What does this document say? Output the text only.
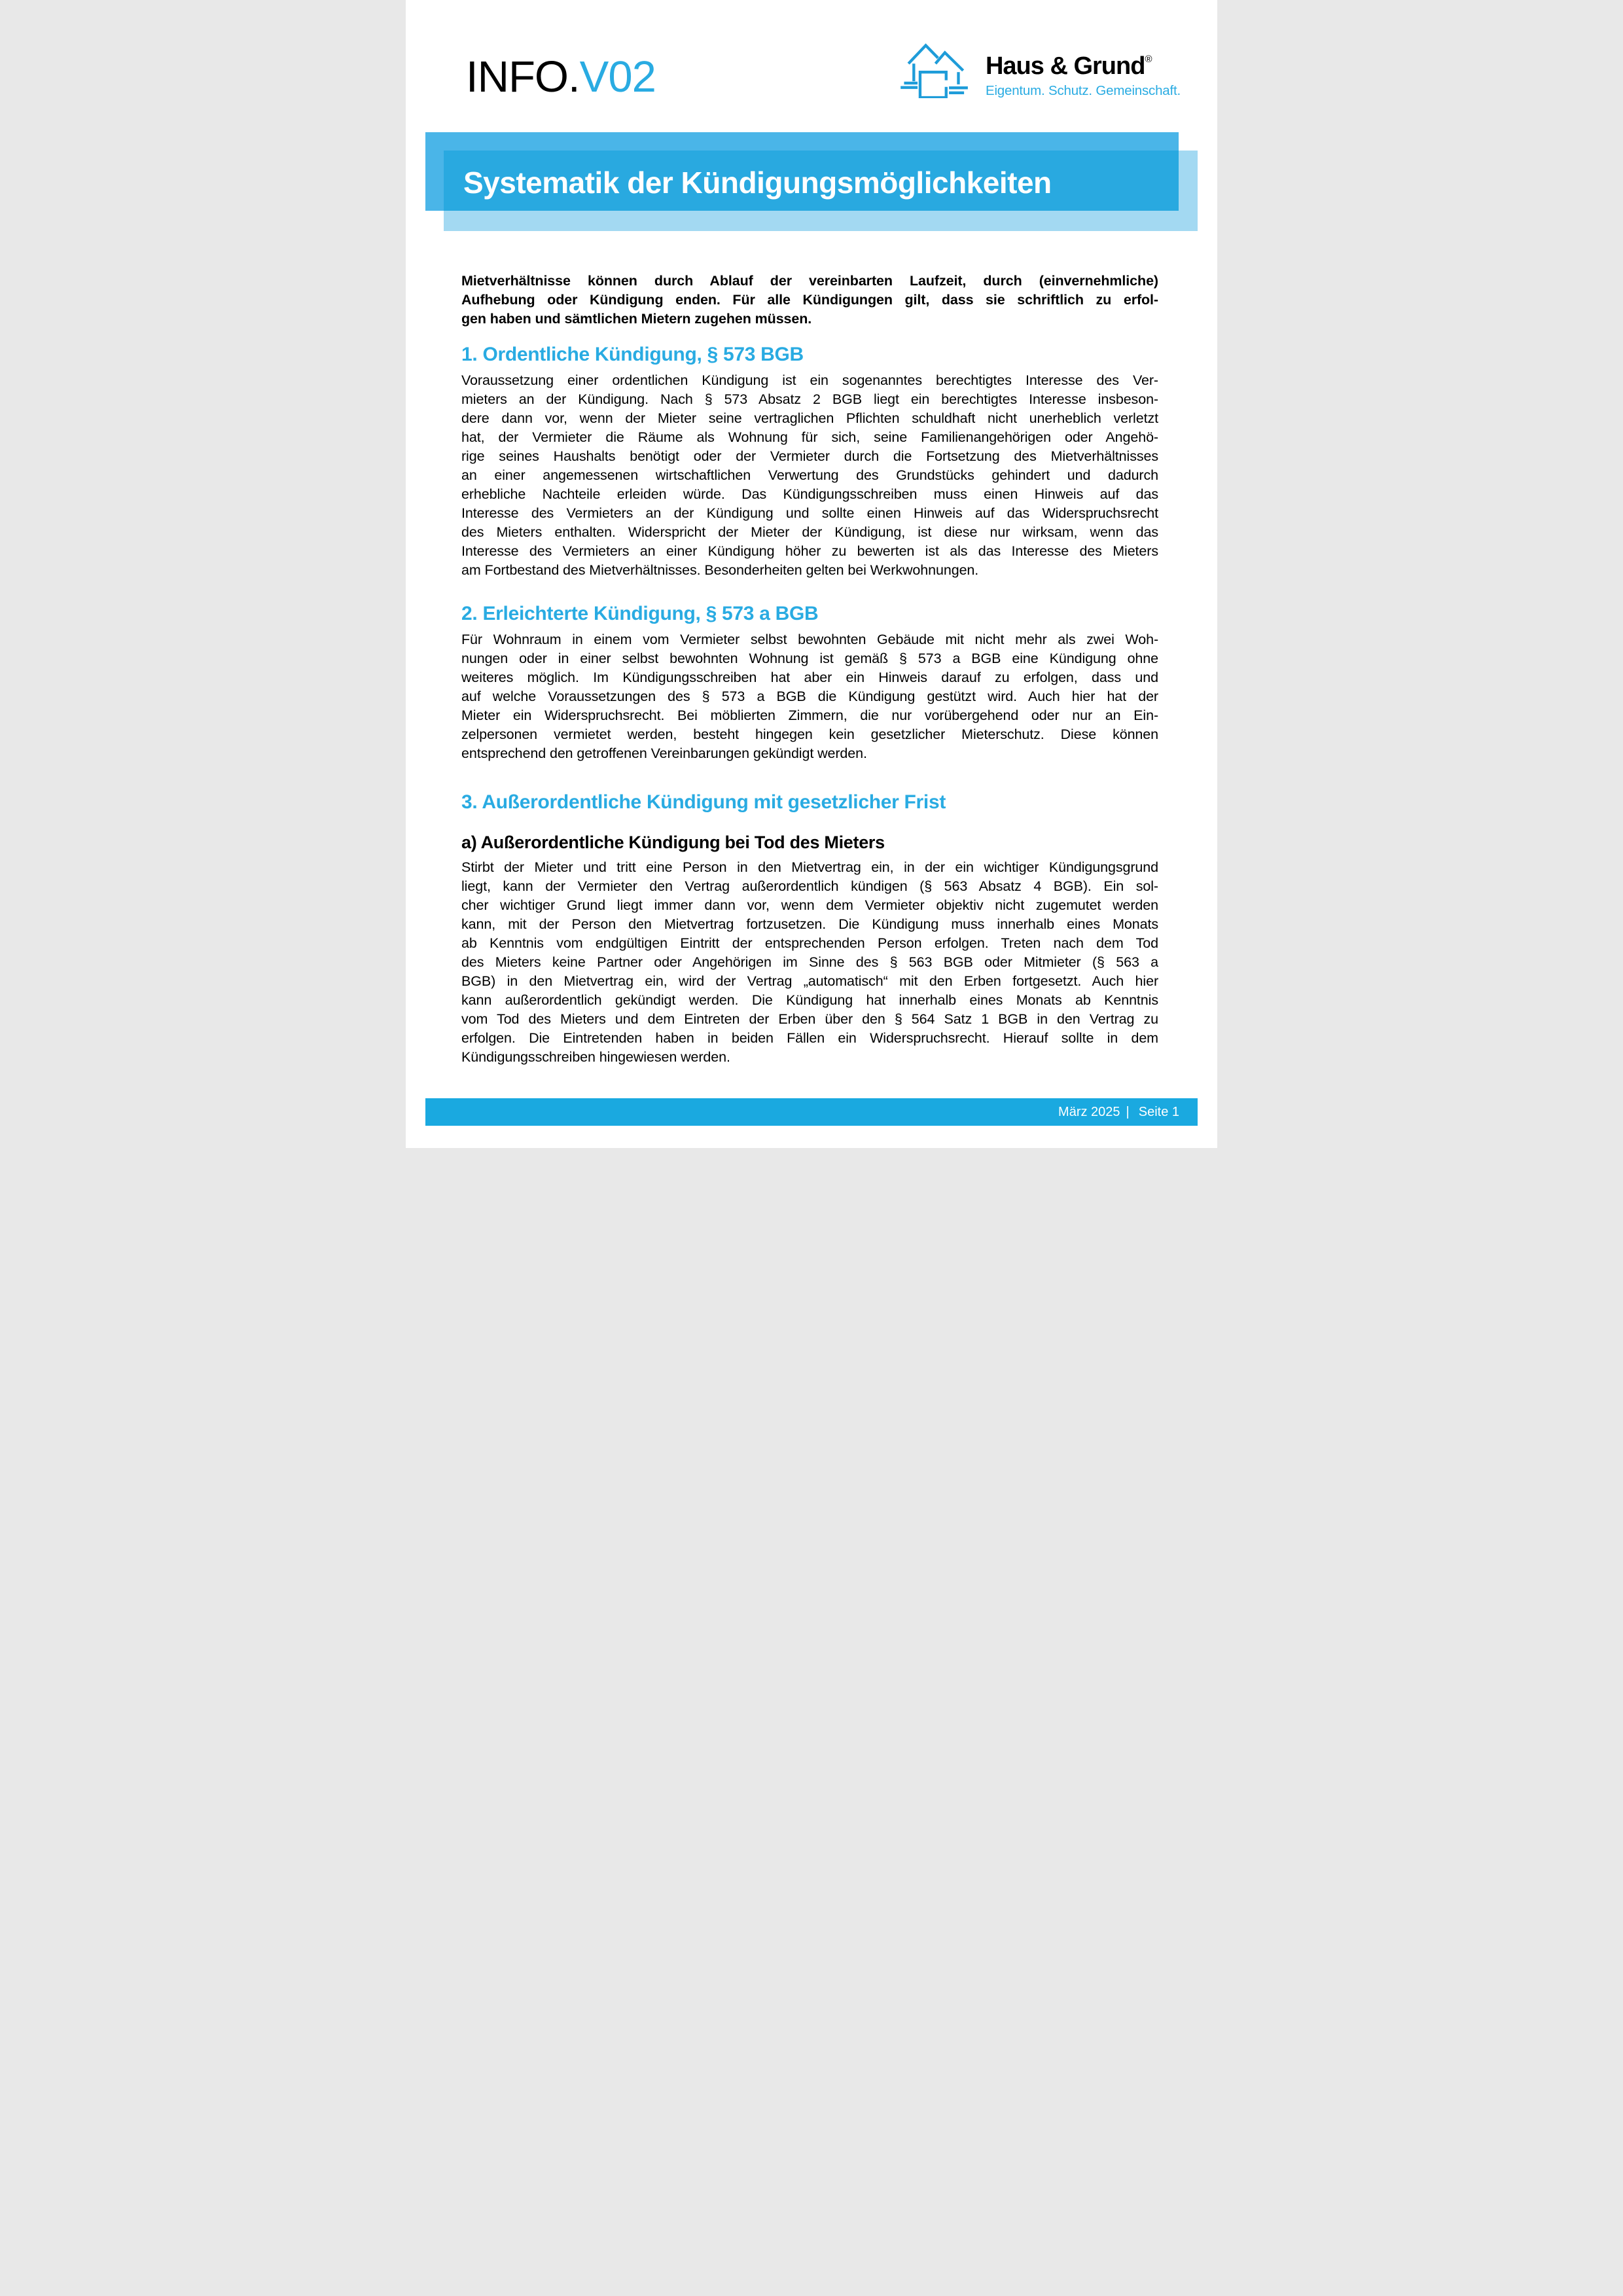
INFO.V02	Haus & Grund®
Eigentum. Schutz. Gemeinschaft.
Systematik der Kündigungsmöglichkeiten
Mietverhältnisse können durch Ablauf der vereinbarten Laufzeit, durch (einvernehmliche)
Aufhebung oder Kündigung enden. Für alle Kündigungen gilt, dass sie schriftlich zu erfol-
gen haben und sämtlichen Mietern zugehen müssen.
1. Ordentliche Kündigung, § 573 BGB
Voraussetzung einer ordentlichen Kündigung ist ein sogenanntes berechtigtes Interesse des Ver-
mieters an der Kündigung. Nach § 573 Absatz 2 BGB liegt ein berechtigtes Interesse insbeson-
dere dann vor, wenn der Mieter seine vertraglichen Pflichten schuldhaft nicht unerheblich verletzt
hat, der Vermieter die Räume als Wohnung für sich, seine Familienangehörigen oder Angehö-
rige seines Haushalts benötigt oder der Vermieter durch die Fortsetzung des Mietverhältnisses
an einer angemessenen wirtschaftlichen Verwertung des Grundstücks gehindert und dadurch
erhebliche Nachteile erleiden würde. Das Kündigungsschreiben muss einen Hinweis auf das
Interesse des Vermieters an der Kündigung und sollte einen Hinweis auf das Widerspruchsrecht
des Mieters enthalten. Widerspricht der Mieter der Kündigung, ist diese nur wirksam, wenn das
Interesse des Vermieters an einer Kündigung höher zu bewerten ist als das Interesse des Mieters
am Fortbestand des Mietverhältnisses. Besonderheiten gelten bei Werkwohnungen.
2. Erleichterte Kündigung, § 573 a BGB
Für Wohnraum in einem vom Vermieter selbst bewohnten Gebäude mit nicht mehr als zwei Woh-
nungen oder in einer selbst bewohnten Wohnung ist gemäß § 573 a BGB eine Kündigung ohne
weiteres möglich. Im Kündigungsschreiben hat aber ein Hinweis darauf zu erfolgen, dass und
auf welche Voraussetzungen des § 573 a BGB die Kündigung gestützt wird. Auch hier hat der
Mieter ein Widerspruchsrecht. Bei möblierten Zimmern, die nur vorübergehend oder nur an Ein-
zelpersonen vermietet werden, besteht hingegen kein gesetzlicher Mieterschutz. Diese können
entsprechend den getroffenen Vereinbarungen gekündigt werden.
3. Außerordentliche Kündigung mit gesetzlicher Frist
a) Außerordentliche Kündigung bei Tod des Mieters
Stirbt der Mieter und tritt eine Person in den Mietvertrag ein, in der ein wichtiger Kündigungsgrund
liegt, kann der Vermieter den Vertrag außerordentlich kündigen (§ 563 Absatz 4 BGB). Ein sol-
cher wichtiger Grund liegt immer dann vor, wenn dem Vermieter objektiv nicht zugemutet werden
kann, mit der Person den Mietvertrag fortzusetzen. Die Kündigung muss innerhalb eines Monats
ab Kenntnis vom endgültigen Eintritt der entsprechenden Person erfolgen. Treten nach dem Tod
des Mieters keine Partner oder Angehörigen im Sinne des § 563 BGB oder Mitmieter (§ 563 a
BGB) in den Mietvertrag ein, wird der Vertrag „automatisch“ mit den Erben fortgesetzt. Auch hier
kann außerordentlich gekündigt werden. Die Kündigung hat innerhalb eines Monats ab Kenntnis
vom Tod des Mieters und dem Eintreten der Erben über den § 564 Satz 1 BGB in den Vertrag zu
erfolgen. Die Eintretenden haben in beiden Fällen ein Widerspruchsrecht. Hierauf sollte in dem
Kündigungsschreiben hingewiesen werden.
März 2025 | Seite 1
